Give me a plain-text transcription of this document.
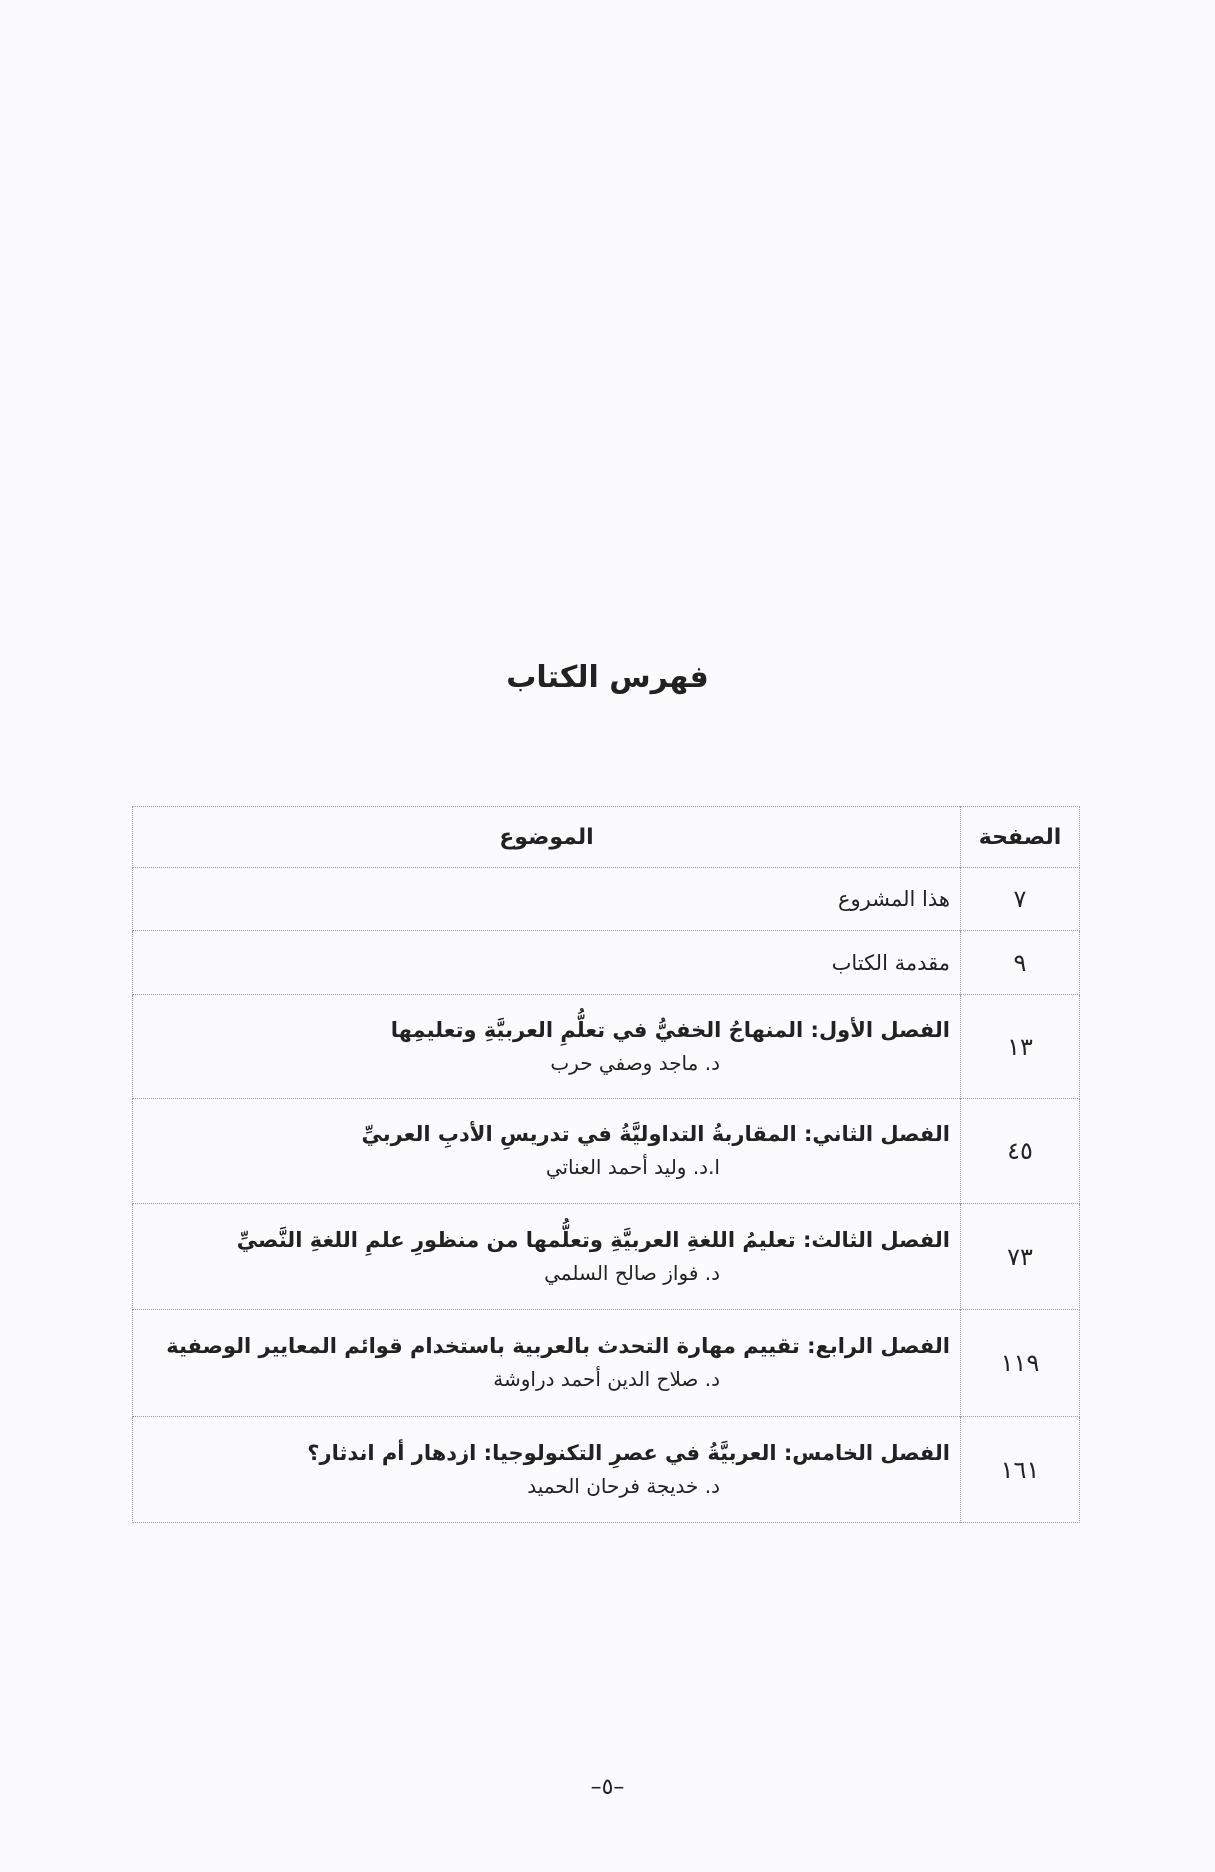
فهرس الكتاب
الصفحة	الموضوع
٧	هذا المشروع
٩	مقدمة الكتاب
١٣	الفصل الأول: المنهاجُ الخفيُّ في تعلُّمِ العربيَّةِ وتعليمِها
د. ماجد وصفي حرب

٤٥	الفصل الثاني: المقاربةُ التداوليَّةُ في تدريسِ الأدبِ العربيِّ
ا.د. وليد أحمد العناتي

٧٣	الفصل الثالث: تعليمُ اللغةِ العربيَّةِ وتعلُّمها من منظورِ علمِ اللغةِ النَّصيِّ
د. فواز صالح السلمي

١١٩	الفصل الرابع: تقييم مهارة التحدث بالعربية باستخدام قوائم المعايير الوصفية
د. صلاح الدين أحمد دراوشة

١٦١	الفصل الخامس: العربيَّةُ في عصرِ التكنولوجيا: ازدهار أم اندثار؟
د. خديجة فرحان الحميد
–٥–
